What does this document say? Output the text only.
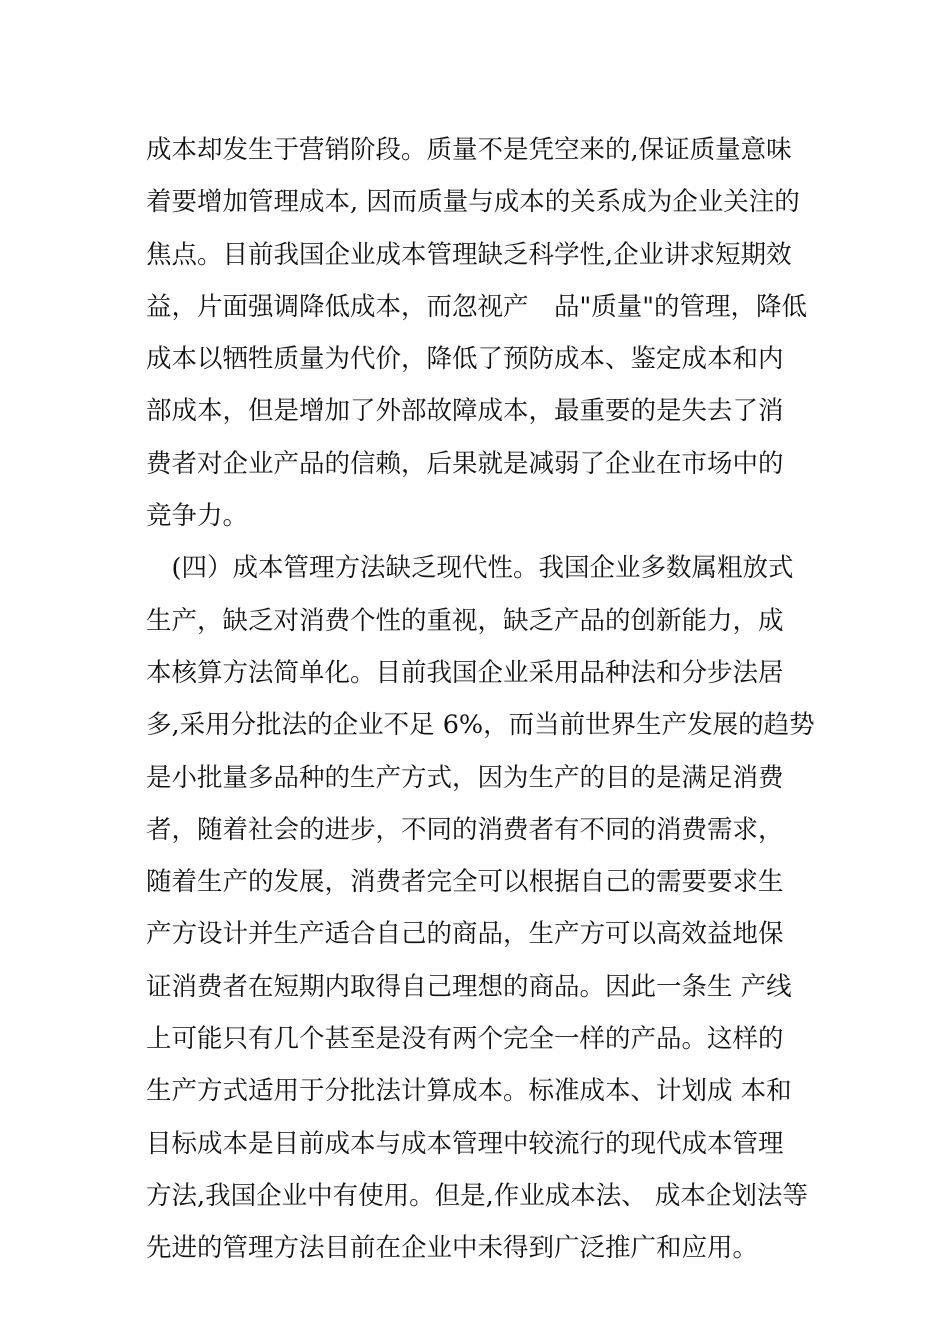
成本却发生于营销阶段。质量不是凭空来的,保证质量意味
着要增加管理成本, 因而质量与成本的关系成为企业关注的
焦点。目前我国企业成本管理缺乏科学性,企业讲求短期效
益，片面强调降低成本，而忽视产　品"质量"的管理，降低
成本以牺牲质量为代价，降低了预防成本、鉴定成本和内
部成本，但是增加了外部故障成本，最重要的是失去了消
费者对企业产品的信赖，后果就是减弱了企业在市场中的
竞争力。
　(四）成本管理方法缺乏现代性。我国企业多数属粗放式
生产，缺乏对消费个性的重视，缺乏产品的创新能力，成
本核算方法简单化。目前我国企业采用品种法和分步法居
多,采用分批法的企业不足 6%，而当前世界生产发展的趋势
是小批量多品种的生产方式，因为生产的目的是满足消费
者，随着社会的进步，不同的消费者有不同的消费需求，
随着生产的发展，消费者完全可以根据自己的需要要求生
产方设计并生产适合自己的商品，生产方可以高效益地保
证消费者在短期内取得自己理想的商品。因此一条生 产线
上可能只有几个甚至是没有两个完全一样的产品。这样的
生产方式适用于分批法计算成本。标准成本、计划成 本和
目标成本是目前成本与成本管理中较流行的现代成本管理
方法,我国企业中有使用。但是,作业成本法、 成本企划法等
先进的管理方法目前在企业中未得到广泛推广和应用。
